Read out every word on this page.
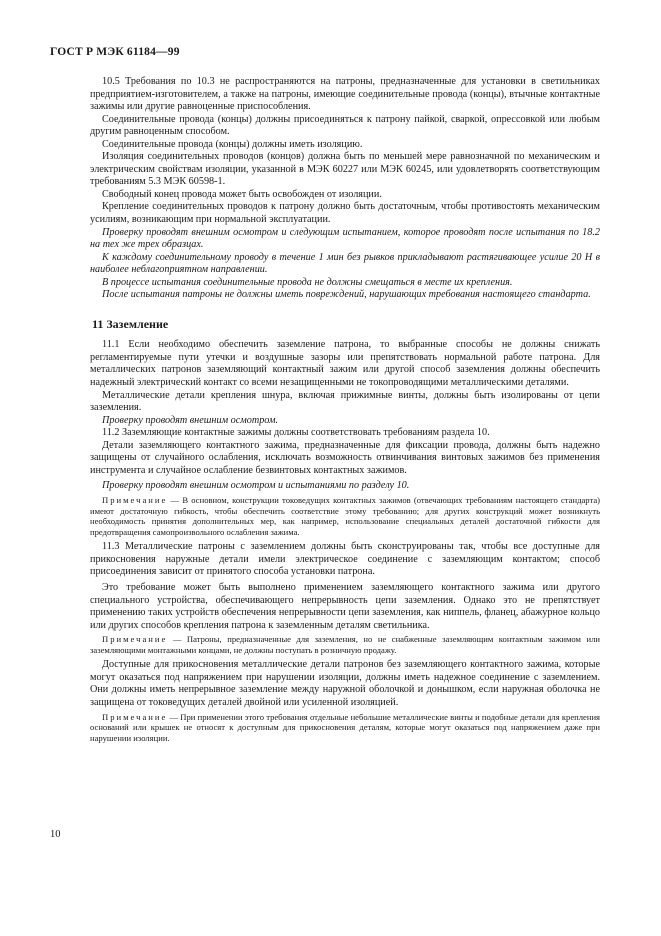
ГОСТ Р МЭК 61184—99

10.5 Требования по 10.3 не распространяются на патроны, предназначенные для установки в светильниках предприятием-изготовителем, а также на патроны, имеющие соединительные провода (концы), втычные контактные зажимы или другие равноценные приспособления.

Соединительные провода (концы) должны присоединяться к патрону пайкой, сваркой, опрессовкой или любым другим равноценным способом.

Соединительные провода (концы) должны иметь изоляцию.

Изоляция соединительных проводов (концов) должна быть по меньшей мере равнозначной по механическим и электрическим свойствам изоляции, указанной в МЭК 60227 или МЭК 60245, или удовлетворять соответствующим требованиям 5.3 МЭК 60598-1.

Свободный конец провода может быть освобожден от изоляции.

Крепление соединительных проводов к патрону должно быть достаточным, чтобы противостоять механическим усилиям, возникающим при нормальной эксплуатации.

Проверку проводят внешним осмотром и следующим испытанием, которое проводят после испытания по 18.2 на тех же трех образцах.

К каждому соединительному проводу в течение 1 мин без рывков прикладывают растягивающее усилие 20 Н в наиболее неблагоприятном направлении.

В процессе испытания соединительные провода не должны смещаться в месте их крепления.

После испытания патроны не должны иметь повреждений, нарушающих требования настоящего стандарта.

11 Заземление

11.1 Если необходимо обеспечить заземление патрона, то выбранные способы не должны снижать регламентируемые пути утечки и воздушные зазоры или препятствовать нормальной работе патрона. Для металлических патронов заземляющий контактный зажим или другой способ заземления должны обеспечить надежный электрический контакт со всеми незащищенными не токопроводящими металлическими деталями.

Металлические детали крепления шнура, включая прижимные винты, должны быть изолированы от цепи заземления.

Проверку проводят внешним осмотром.

11.2 Заземляющие контактные зажимы должны соответствовать требованиям раздела 10.

Детали заземляющего контактного зажима, предназначенные для фиксации провода, должны быть надежно защищены от случайного ослабления, исключать возможность отвинчивания винтовых зажимов без применения инструмента и случайное ослабление безвинтовых контактных зажимов.

Проверку проводят внешним осмотром и испытаниями по разделу 10.

Примечание — В основном, конструкции токоведущих контактных зажимов (отвечающих требованиям настоящего стандарта) имеют достаточную гибкость, чтобы обеспечить соответствие этому требованию; для других конструкций может возникнуть необходимость принятия дополнительных мер, как например, использование специальных деталей достаточной гибкости для предотвращения самопроизвольного ослабления зажима.

11.3 Металлические патроны с заземлением должны быть сконструированы так, чтобы все доступные для прикосновения наружные детали имели электрическое соединение с заземляющим контактом; способ присоединения зависит от принятого способа установки патрона.

Это требование может быть выполнено применением заземляющего контактного зажима или другого специального устройства, обеспечивающего непрерывность цепи заземления. Однако это не препятствует применению таких устройств обеспечения непрерывности цепи заземления, как ниппель, фланец, абажурное кольцо или других способов крепления патрона к заземленным деталям светильника.

Примечание — Патроны, предназначенные для заземления, но не снабженные заземляющим контактным зажимом или заземляющими монтажными концами, не должны поступать в розничную продажу.

Доступные для прикосновения металлические детали патронов без заземляющего контактного зажима, которые могут оказаться под напряжением при нарушении изоляции, должны иметь надежное соединение с заземлением. Они должны иметь непрерывное заземление между наружной оболочкой и донышком, если наружная оболочка не защищена от токоведущих деталей двойной или усиленной изоляцией.

Примечание — При применении этого требования отдельные небольшие металлические винты и подобные детали для крепления оснований или крышек не относят к доступным для прикосновения деталям, которые могут оказаться под напряжением даже при нарушении изоляции.

10
